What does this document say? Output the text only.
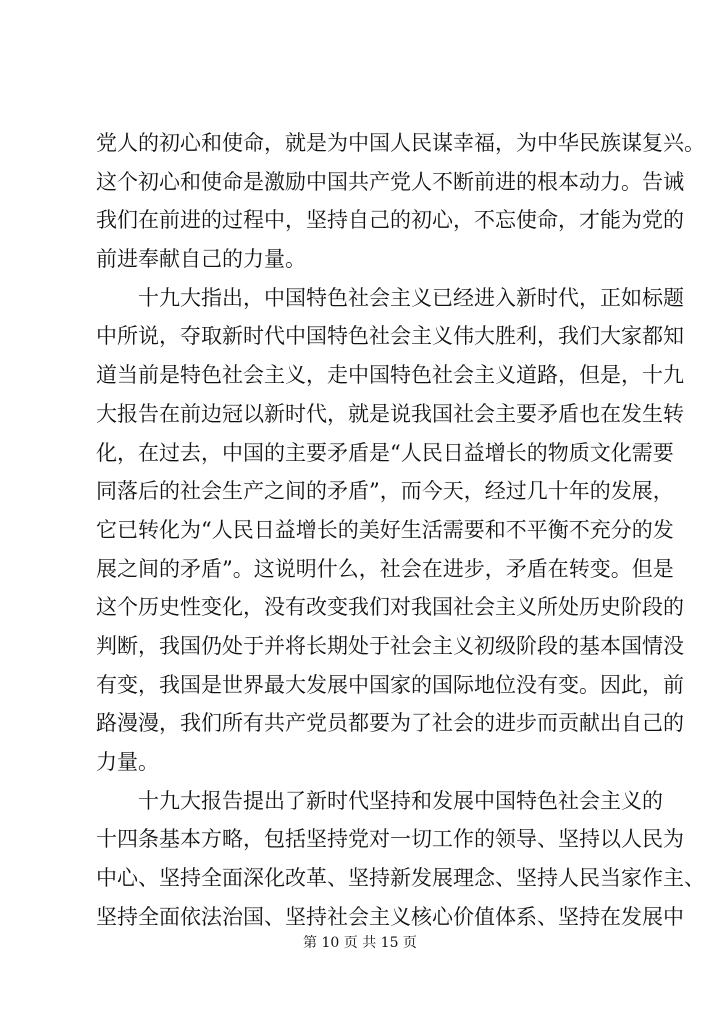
党人的初心和使命，就是为中国人民谋幸福，为中华民族谋复兴。
这个初心和使命是激励中国共产党人不断前进的根本动力。告诫
我们在前进的过程中，坚持自己的初心，不忘使命，才能为党的
前进奉献自己的力量。
十九大指出，中国特色社会主义已经进入新时代，正如标题
中所说，夺取新时代中国特色社会主义伟大胜利，我们大家都知
道当前是特色社会主义，走中国特色社会主义道路，但是，十九
大报告在前边冠以新时代，就是说我国社会主要矛盾也在发生转
化，在过去，中国的主要矛盾是“人民日益增长的物质文化需要
同落后的社会生产之间的矛盾”，而今天，经过几十年的发展，
它已转化为“人民日益增长的美好生活需要和不平衡不充分的发
展之间的矛盾”。这说明什么，社会在进步，矛盾在转变。但是
这个历史性变化，没有改变我们对我国社会主义所处历史阶段的
判断，我国仍处于并将长期处于社会主义初级阶段的基本国情没
有变，我国是世界最大发展中国家的国际地位没有变。因此，前
路漫漫，我们所有共产党员都要为了社会的进步而贡献出自己的
力量。
十九大报告提出了新时代坚持和发展中国特色社会主义的
十四条基本方略，包括坚持党对一切工作的领导、坚持以人民为
中心、坚持全面深化改革、坚持新发展理念、坚持人民当家作主、
坚持全面依法治国、坚持社会主义核心价值体系、坚持在发展中
第 10 页 共 15 页
